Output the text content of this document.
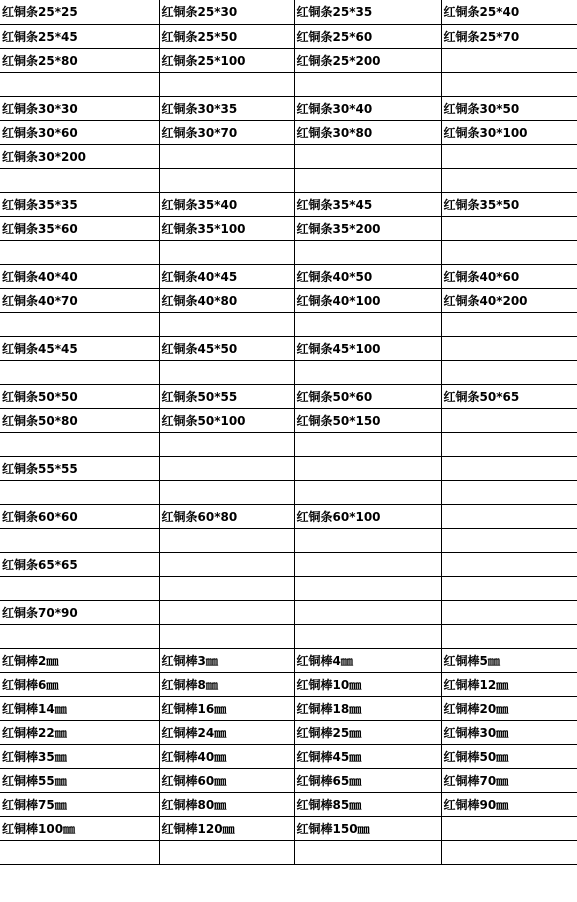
红铜条25*25	红铜条25*30	红铜条25*35	红铜条25*40
红铜条25*45	红铜条25*50	红铜条25*60	红铜条25*70
红铜条25*80	红铜条25*100	红铜条25*200	

红铜条30*30	红铜条30*35	红铜条30*40	红铜条30*50
红铜条30*60	红铜条30*70	红铜条30*80	红铜条30*100
红铜条30*200			

红铜条35*35	红铜条35*40	红铜条35*45	红铜条35*50
红铜条35*60	红铜条35*100	红铜条35*200	

红铜条40*40	红铜条40*45	红铜条40*50	红铜条40*60
红铜条40*70	红铜条40*80	红铜条40*100	红铜条40*200

红铜条45*45	红铜条45*50	红铜条45*100	

红铜条50*50	红铜条50*55	红铜条50*60	红铜条50*65
红铜条50*80	红铜条50*100	红铜条50*150	

红铜条55*55			

红铜条60*60	红铜条60*80	红铜条60*100	

红铜条65*65			

红铜条70*90			

红铜棒2㎜	红铜棒3㎜	红铜棒4㎜	红铜棒5㎜
红铜棒6㎜	红铜棒8㎜	红铜棒10㎜	红铜棒12㎜
红铜棒14㎜	红铜棒16㎜	红铜棒18㎜	红铜棒20㎜
红铜棒22㎜	红铜棒24㎜	红铜棒25㎜	红铜棒30㎜
红铜棒35㎜	红铜棒40㎜	红铜棒45㎜	红铜棒50㎜
红铜棒55㎜	红铜棒60㎜	红铜棒65㎜	红铜棒70㎜
红铜棒75㎜	红铜棒80㎜	红铜棒85㎜	红铜棒90㎜
红铜棒100㎜	红铜棒120㎜	红铜棒150㎜	
